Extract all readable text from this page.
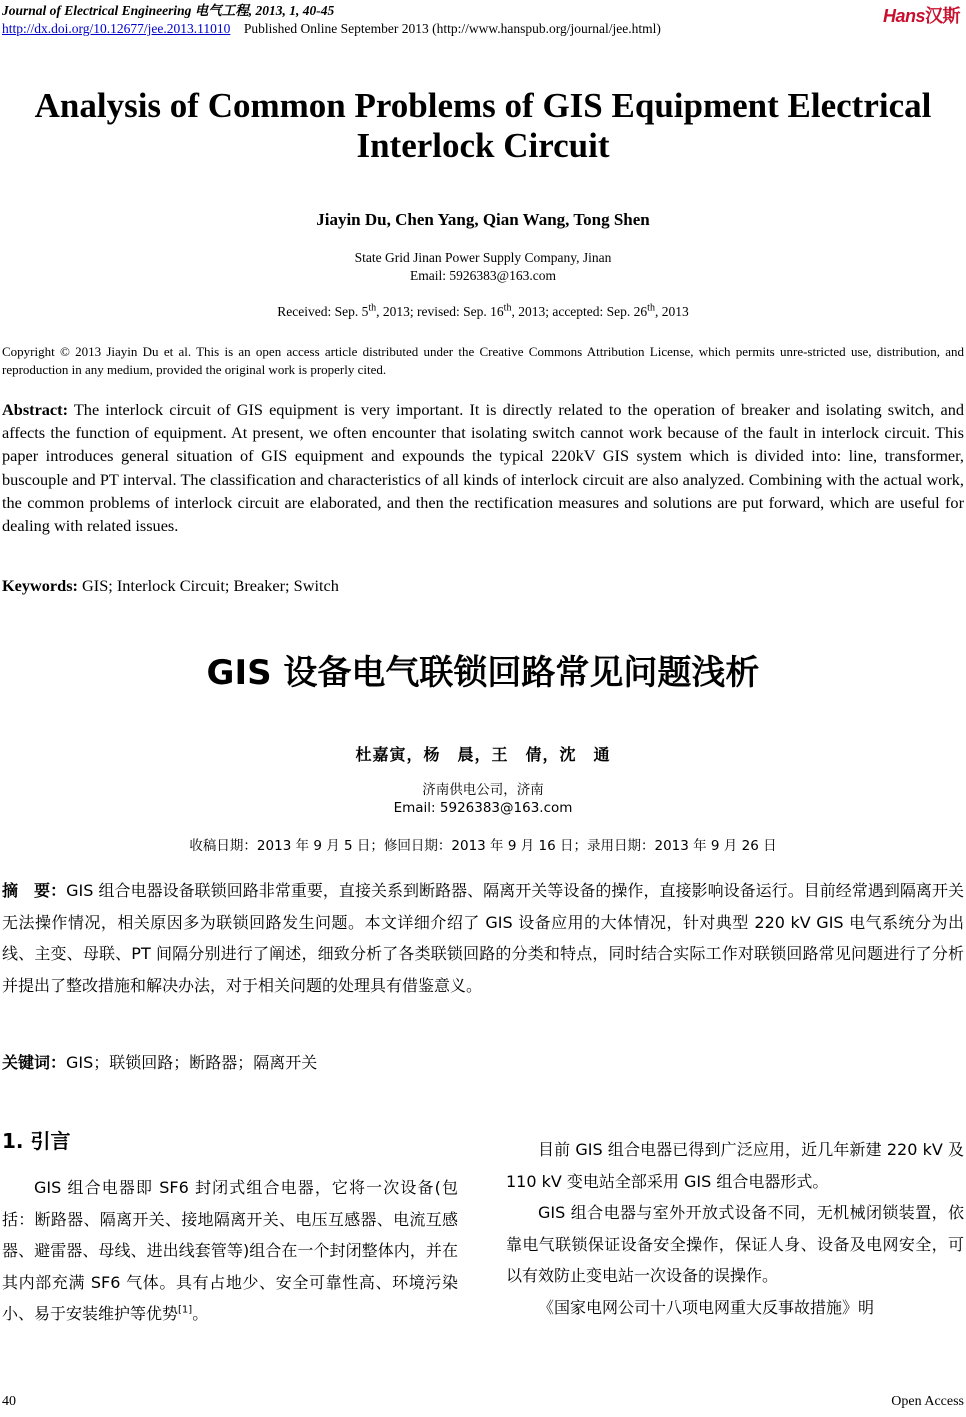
Journal of Electrical Engineering 电气工程, 2013, 1, 40-45
http://dx.doi.org/10.12677/jee.2013.11010 Published Online September 2013 (http://www.hanspub.org/journal/jee.html)
Hans汉斯
Analysis of Common Problems of GIS Equipment Electrical
Interlock Circuit
Jiayin Du, Chen Yang, Qian Wang, Tong Shen
State Grid Jinan Power Supply Company, Jinan
Email: 5926383@163.com
Received: Sep. 5th, 2013; revised: Sep. 16th, 2013; accepted: Sep. 26th, 2013
Copyright © 2013 Jiayin Du et al. This is an open access article distributed under the Creative Commons Attribution License, which permits unre-stricted use, distribution, and reproduction in any medium, provided the original work is properly cited.
Abstract: The interlock circuit of GIS equipment is very important. It is directly related to the operation of breaker and isolating switch, and affects the function of equipment. At present, we often encounter that isolating switch cannot work because of the fault in interlock circuit. This paper introduces general situation of GIS equipment and expounds the typical 220kV GIS system which is divided into: line, transformer, buscouple and PT interval. The classification and characteristics of all kinds of interlock circuit are also analyzed. Combining with the actual work, the common problems of interlock circuit are elaborated, and then the rectification measures and solutions are put forward, which are useful for dealing with related issues.
Keywords: GIS; Interlock Circuit; Breaker; Switch
GIS 设备电气联锁回路常见问题浅析
杜嘉寅，杨　晨，王　倩，沈　通
济南供电公司，济南
Email: 5926383@163.com
收稿日期：2013 年 9 月 5 日；修回日期：2013 年 9 月 16 日；录用日期：2013 年 9 月 26 日
摘　要：GIS 组合电器设备联锁回路非常重要，直接关系到断路器、隔离开关等设备的操作，直接影响设备运行。目前经常遇到隔离开关无法操作情况，相关原因多为联锁回路发生问题。本文详细介绍了 GIS 设备应用的大体情况，针对典型 220 kV GIS 电气系统分为出线、主变、母联、PT 间隔分别进行了阐述，细致分析了各类联锁回路的分类和特点，同时结合实际工作对联锁回路常见问题进行了分析并提出了整改措施和解决办法，对于相关问题的处理具有借鉴意义。
关键词：GIS；联锁回路；断路器；隔离开关
1. 引言

GIS 组合电器即 SF6 封闭式组合电器，它将一次设备(包括：断路器、隔离开关、接地隔离开关、电压互感器、电流互感器、避雷器、母线、进出线套管等)组合在一个封闭整体内，并在其内部充满 SF6 气体。具有占地少、安全可靠性高、环境污染小、易于安装维护等优势[1]。

目前 GIS 组合电器已得到广泛应用，近几年新建 220 kV 及 110 kV 变电站全部采用 GIS 组合电器形式。

GIS 组合电器与室外开放式设备不同，无机械闭锁装置，依靠电气联锁保证设备安全操作，保证人身、设备及电网安全，可以有效防止变电站一次设备的误操作。

《国家电网公司十八项电网重大反事故措施》明

40	Open Access
